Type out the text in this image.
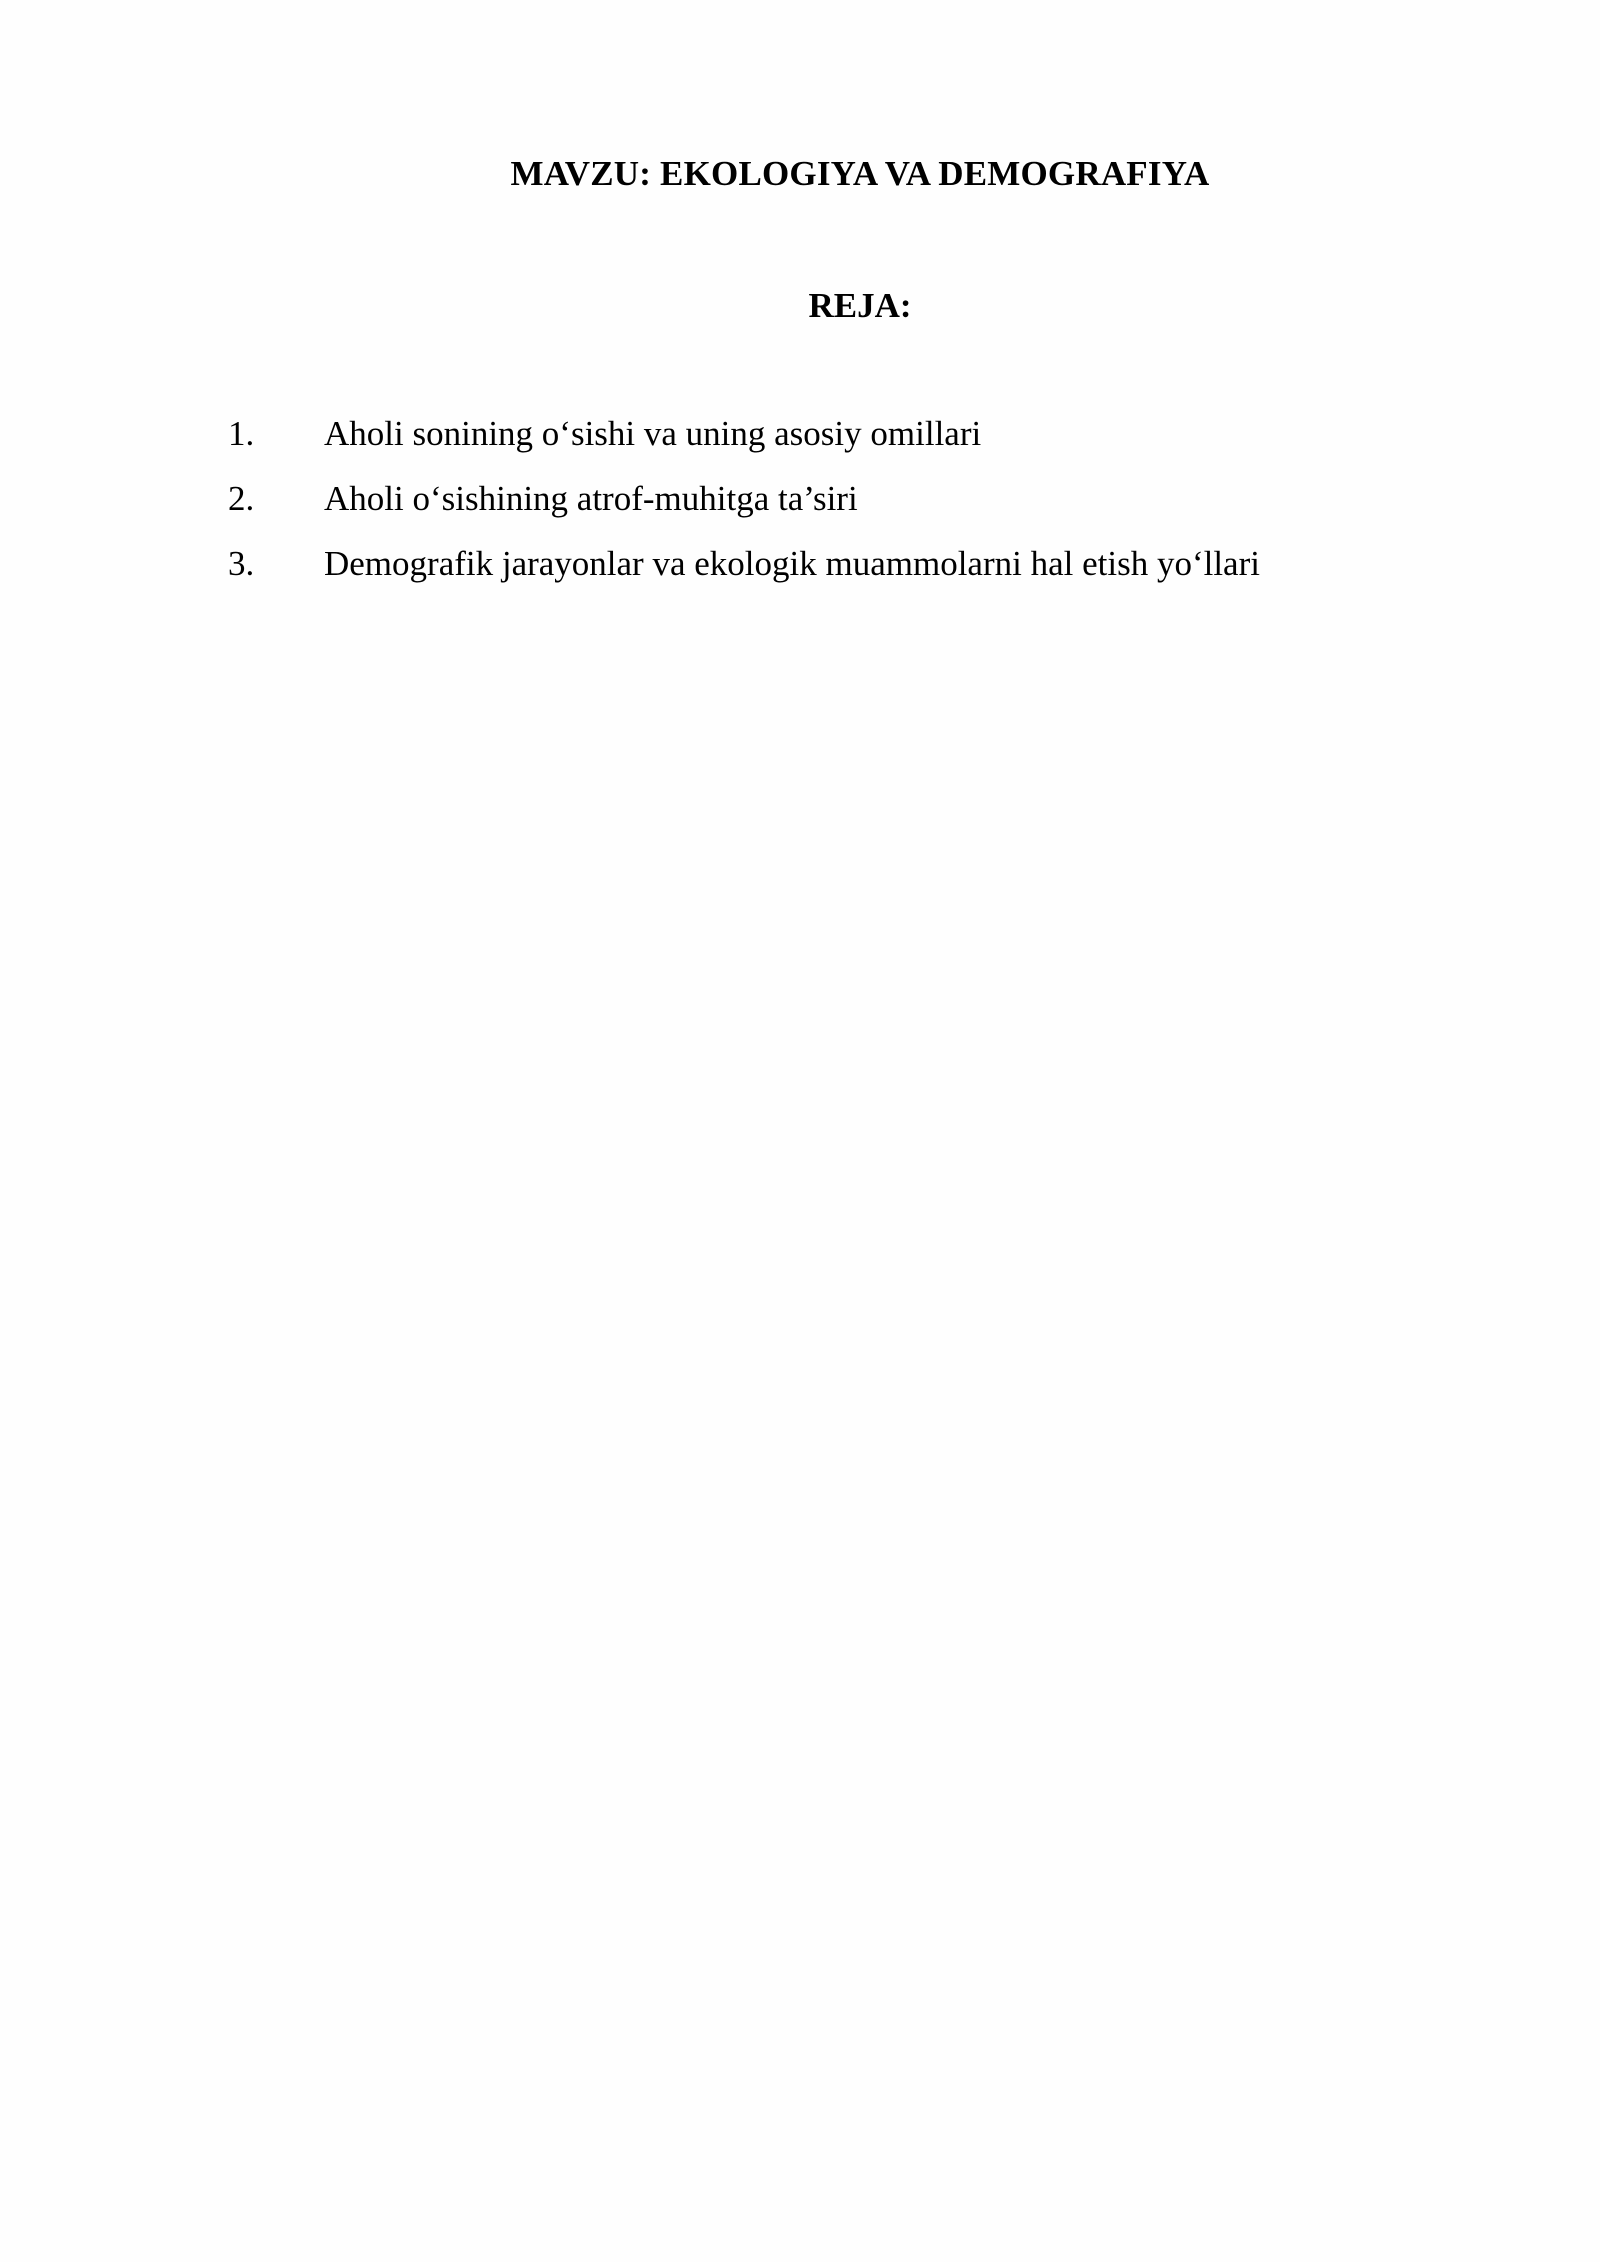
MAVZU: EKOLOGIYA VA DEMOGRAFIYA
REJA:
1.	Aholi sonining o‘sishi va uning asosiy omillari
2.	Aholi o‘sishining atrof-muhitga ta’siri
3.	Demografik jarayonlar va ekologik muammolarni hal etish yo‘llari
